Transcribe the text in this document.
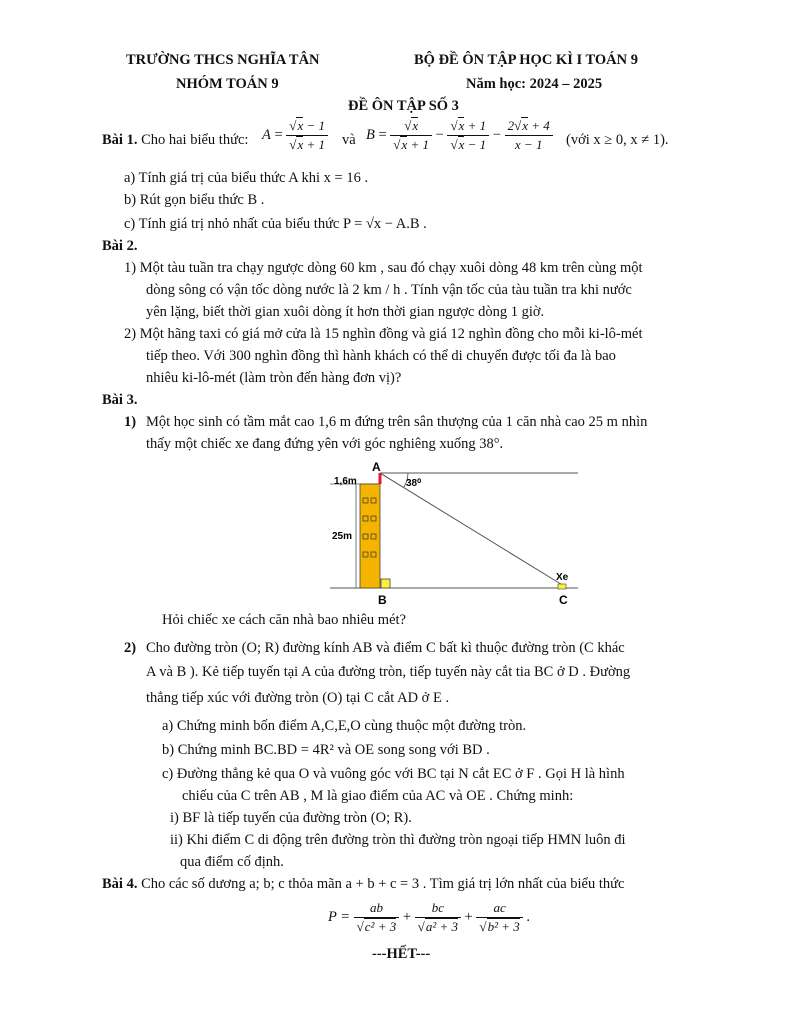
TRƯỜNG THCS NGHĨA TÂN
NHÓM TOÁN 9
BỘ ĐỀ ÔN TẬP HỌC KÌ I TOÁN 9
Năm học: 2024 – 2025
ĐỀ ÔN TẬP SỐ 3
Bài 1. Cho hai biểu thức: $A = \frac{√x - 1}{√x + 1}$ và $B = \frac{√x}{√x + 1} - \frac{√x + 1}{√x - 1} - \frac{2√x + 4}{x - 1}$ (với x ≥ 0, x ≠ 1).
a) Tính giá trị của biểu thức A khi x = 16 .
b) Rút gọn biểu thức B .
c) Tính giá trị nhỏ nhất của biểu thức P = √x − A.B .
Bài 2.
1) Một tàu tuần tra chạy ngược dòng 60 km , sau đó chạy xuôi dòng 48 km trên cùng một
dòng sông có vận tốc dòng nước là 2 km / h . Tính vận tốc của tàu tuần tra khi nước
yên lặng, biết thời gian xuôi dòng ít hơn thời gian ngược dòng 1 giờ.
2) Một hãng taxi có giá mở cửa là 15 nghìn đồng và giá 12 nghìn đồng cho mỗi ki-lô-mét
tiếp theo. Với 300 nghìn đồng thì hành khách có thể di chuyển được tối đa là bao
nhiêu ki-lô-mét (làm tròn đến hàng đơn vị)?
Bài 3.
1) Một học sinh có tầm mắt cao 1,6 m đứng trên sân thượng của 1 căn nhà cao 25 m nhìn
thấy một chiếc xe đang đứng yên với góc nghiêng xuống 38°.
A
B	C
1,6m
25m
38⁰
Xe
Hỏi chiếc xe cách căn nhà bao nhiêu mét?
2) Cho đường tròn (O; R) đường kính AB và điểm C bất kì thuộc đường tròn (C khác
A và B ). Kẻ tiếp tuyến tại A của đường tròn, tiếp tuyến này cắt tia BC ở D . Đường
thẳng tiếp xúc với đường tròn (O) tại C cắt AD ở E .
a) Chứng minh bốn điểm A,C,E,O cùng thuộc một đường tròn.
b) Chứng minh BC.BD = 4R² và OE song song với BD .
c) Đường thẳng kẻ qua O và vuông góc với BC tại N cắt EC ở F . Gọi H là hình
chiếu của C trên AB , M là giao điểm của AC và OE . Chứng minh:
i) BF là tiếp tuyến của đường tròn (O; R).
ii) Khi điểm C di động trên đường tròn thì đường tròn ngoại tiếp HMN luôn đi
qua điểm cố định.
Bài 4. Cho các số dương a; b; c thỏa mãn a + b + c = 3 . Tìm giá trị lớn nhất của biểu thức
$P = \frac{ab}{\text{√c² + 3}} + \frac{bc}{\text{√a² + 3}} + \frac{ac}{\text{√b² + 3}}$ .
---HẾT---
